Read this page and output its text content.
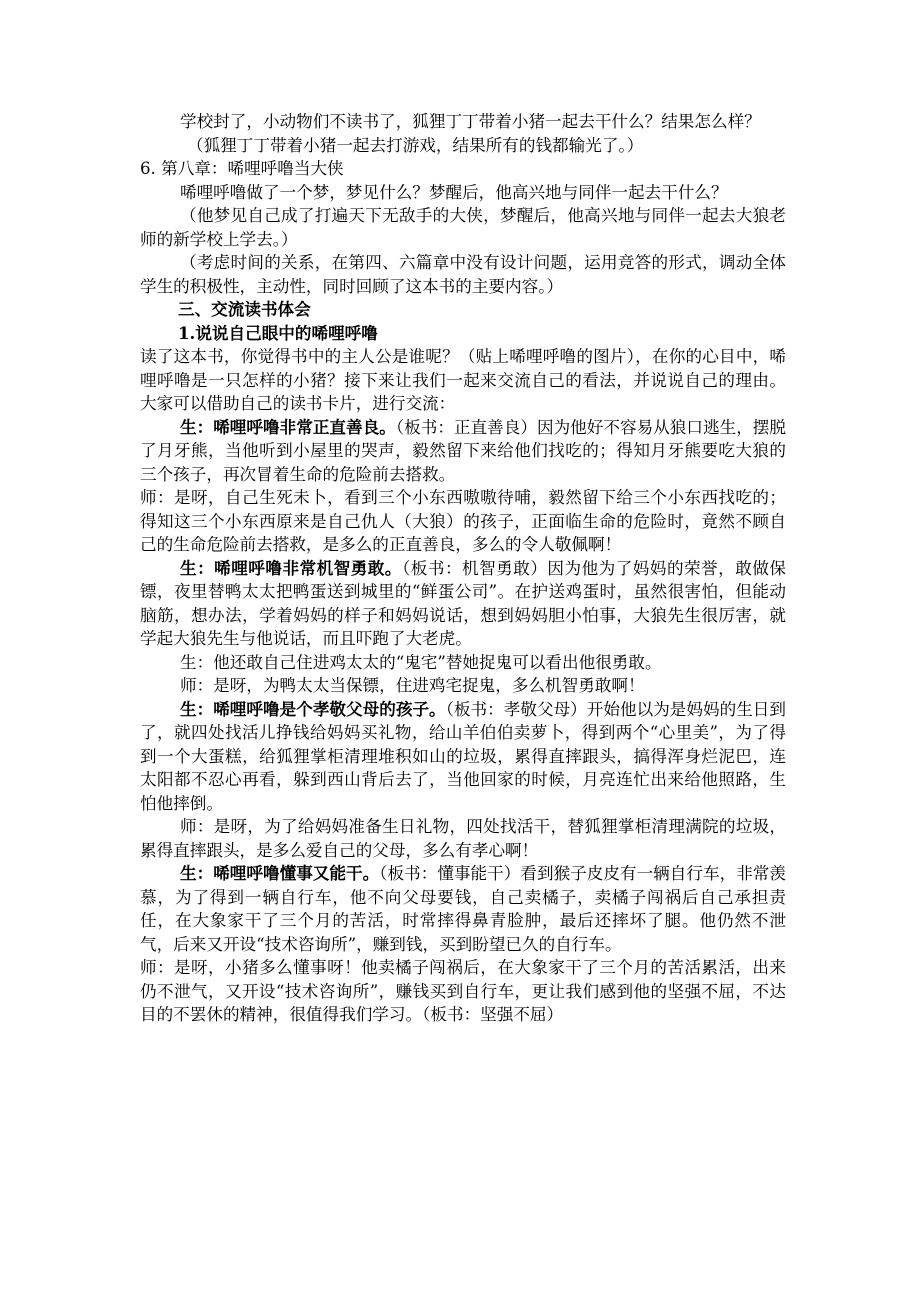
学校封了，小动物们不读书了，狐狸丁丁带着小猪一起去干什么？结果怎么样？

（狐狸丁丁带着小猪一起去打游戏，结果所有的钱都输光了。）

6. 第八章：唏哩呼噜当大侠

唏哩呼噜做了一个梦，梦见什么？梦醒后，他高兴地与同伴一起去干什么？

（他梦见自己成了打遍天下无敌手的大侠，梦醒后，他高兴地与同伴一起去大狼老师的新学校上学去。）

（考虑时间的关系，在第四、六篇章中没有设计问题，运用竞答的形式，调动全体学生的积极性，主动性，同时回顾了这本书的主要内容。）

三、交流读书体会

1.说说自己眼中的唏哩呼噜

读了这本书，你觉得书中的主人公是谁呢？（贴上唏哩呼噜的图片），在你的心目中，唏哩呼噜是一只怎样的小猪？接下来让我们一起来交流自己的看法，并说说自己的理由。大家可以借助自己的读书卡片，进行交流：

生：唏哩呼噜非常正直善良。（板书：正直善良）因为他好不容易从狼口逃生，摆脱了月牙熊，当他听到小屋里的哭声，毅然留下来给他们找吃的；得知月牙熊要吃大狼的三个孩子，再次冒着生命的危险前去搭救。

师：是呀，自己生死未卜，看到三个小东西嗷嗷待哺，毅然留下给三个小东西找吃的；得知这三个小东西原来是自己仇人（大狼）的孩子，正面临生命的危险时，竟然不顾自己的生命危险前去搭救，是多么的正直善良，多么的令人敬佩啊！

生：唏哩呼噜非常机智勇敢。（板书：机智勇敢）因为他为了妈妈的荣誉，敢做保镖，夜里替鸭太太把鸭蛋送到城里的“鲜蛋公司”。在护送鸡蛋时，虽然很害怕，但能动脑筋，想办法，学着妈妈的样子和妈妈说话，想到妈妈胆小怕事，大狼先生很厉害，就学起大狼先生与他说话，而且吓跑了大老虎。

生：他还敢自己住进鸡太太的“鬼宅”替她捉鬼可以看出他很勇敢。

师：是呀，为鸭太太当保镖，住进鸡宅捉鬼，多么机智勇敢啊！

生：唏哩呼噜是个孝敬父母的孩子。（板书：孝敬父母）开始他以为是妈妈的生日到了，就四处找活儿挣钱给妈妈买礼物，给山羊伯伯卖萝卜，得到两个“心里美”，为了得到一个大蛋糕，给狐狸掌柜清理堆积如山的垃圾，累得直摔跟头，搞得浑身烂泥巴，连太阳都不忍心再看，躲到西山背后去了，当他回家的时候，月亮连忙出来给他照路，生怕他摔倒。

师：是呀，为了给妈妈准备生日礼物，四处找活干，替狐狸掌柜清理满院的垃圾，累得直摔跟头，是多么爱自己的父母，多么有孝心啊！

生：唏哩呼噜懂事又能干。（板书：懂事能干）看到猴子皮皮有一辆自行车，非常羡慕，为了得到一辆自行车，他不向父母要钱，自己卖橘子，卖橘子闯祸后自己承担责任，在大象家干了三个月的苦活，时常摔得鼻青脸肿，最后还摔坏了腿。他仍然不泄气，后来又开设“技术咨询所”，赚到钱，买到盼望已久的自行车。

师：是呀，小猪多么懂事呀！他卖橘子闯祸后，在大象家干了三个月的苦活累活，出来仍不泄气，又开设“技术咨询所”，赚钱买到自行车，更让我们感到他的坚强不屈，不达目的不罢休的精神，很值得我们学习。（板书：坚强不屈）
